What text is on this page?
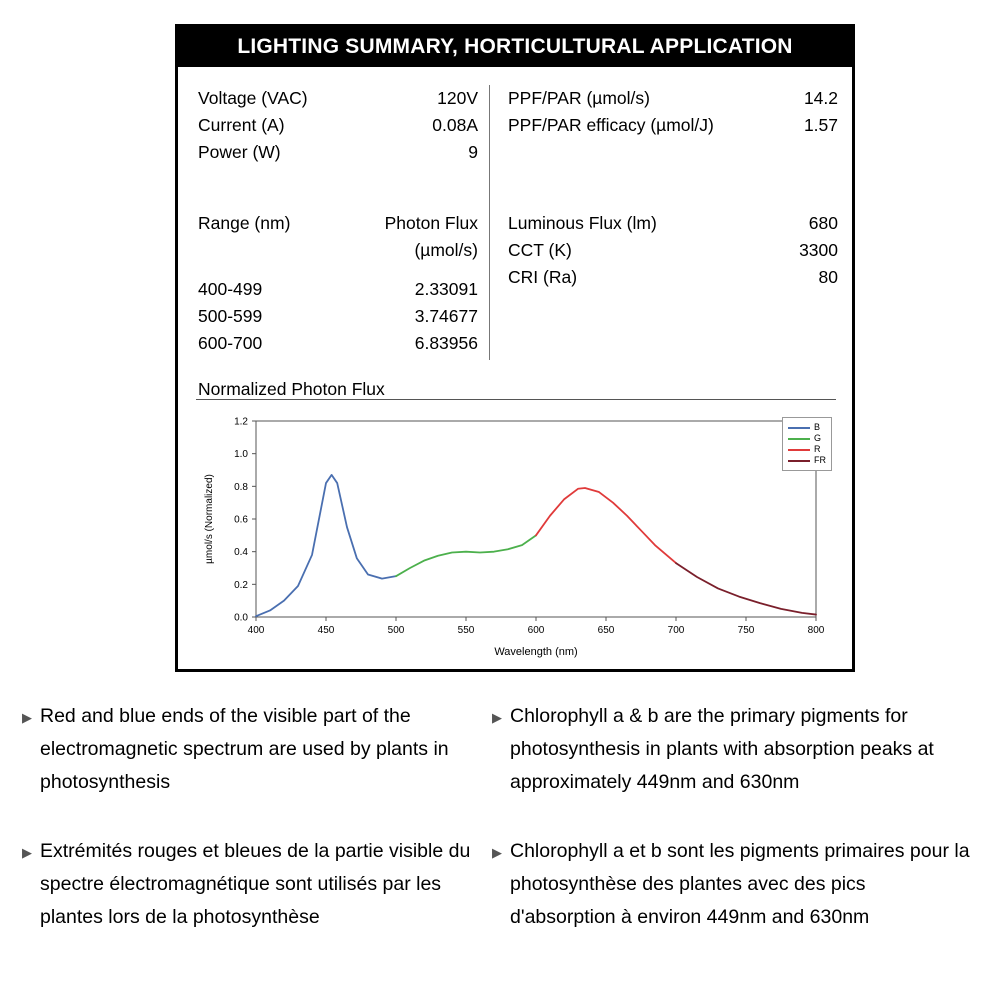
LIGHTING SUMMARY, HORTICULTURAL APPLICATION
Voltage (VAC)	120V
Current (A)	0.08A
Power (W)	9
Range (nm)	Photon Flux
(µmol/s)
400-499	2.33091
500-599	3.74677
600-700	6.83956
PPF/PAR (µmol/s)	14.2
PPF/PAR efficacy (µmol/J)	1.57
Luminous Flux (lm)	680
CCT (K)	3300
CRI (Ra)	80
Normalized Photon Flux
400	450	500	550	600	650	700	750	800
0.0
0.2
0.4
0.6
0.8
1.0
1.2
Wavelength (nm)
µmol/s (Normalized)
B
G
R
FR
▶ Red and blue ends of the visible part of the electromagnetic spectrum are used by plants in photosynthesis
▶ Extrémités rouges et bleues de la partie visible du spectre électromagnétique sont utilisés par les plantes lors de la photosynthèse
▶ Chlorophyll a & b are the primary pigments for photosynthesis in plants with absorption peaks at approximately 449nm and 630nm
▶ Chlorophyll a et b sont les pigments primaires pour la photosynthèse des plantes avec des pics d'absorption à environ 449nm and 630nm
